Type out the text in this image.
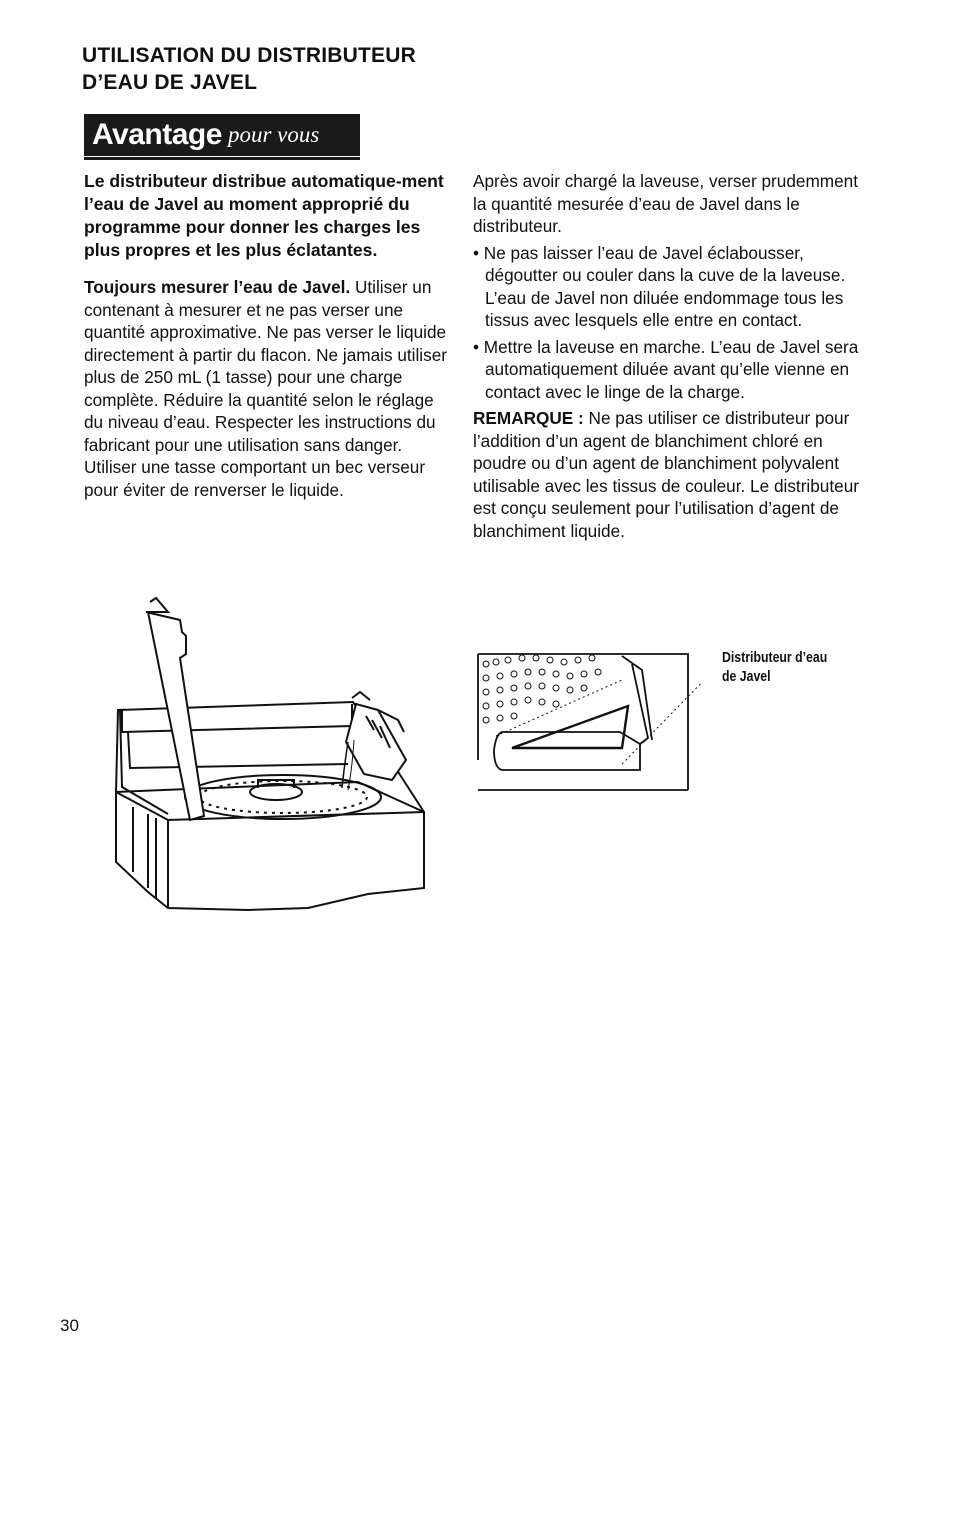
UTILISATION DU DISTRIBUTEUR
D’EAU DE JAVEL
Avantage pour vous

Le distributeur distribue automatique-ment l’eau de Javel au moment approprié du programme pour donner les charges les plus propres et les plus éclatantes.

Toujours mesurer l’eau de Javel. Utiliser un contenant à mesurer et ne pas verser une quantité approximative. Ne pas verser le liquide directement à partir du flacon. Ne jamais utiliser plus de 250 mL (1 tasse) pour une charge complète. Réduire la quantité selon le réglage du niveau d’eau. Respecter les instructions du fabricant pour une utilisation sans danger. Utiliser une tasse comportant un bec verseur pour éviter de renverser le liquide.

Après avoir chargé la laveuse, verser prudemment la quantité mesurée d’eau de Javel dans le distributeur.

• Ne pas laisser l’eau de Javel éclabousser, dégoutter ou couler dans la cuve de la laveuse. L’eau de Javel non diluée endommage tous les tissus avec lesquels elle entre en contact.

• Mettre la laveuse en marche. L’eau de Javel sera automatiquement diluée avant qu’elle vienne en contact avec le linge de la charge.

REMARQUE : Ne pas utiliser ce distributeur pour l’addition d’un agent de blanchiment chloré en poudre ou d’un agent de blanchiment polyvalent utilisable avec les tissus de couleur. Le distributeur est conçu seulement pour l’utilisation d’agent de blanchiment liquide.

Distributeur d’eau
de Javel
30
